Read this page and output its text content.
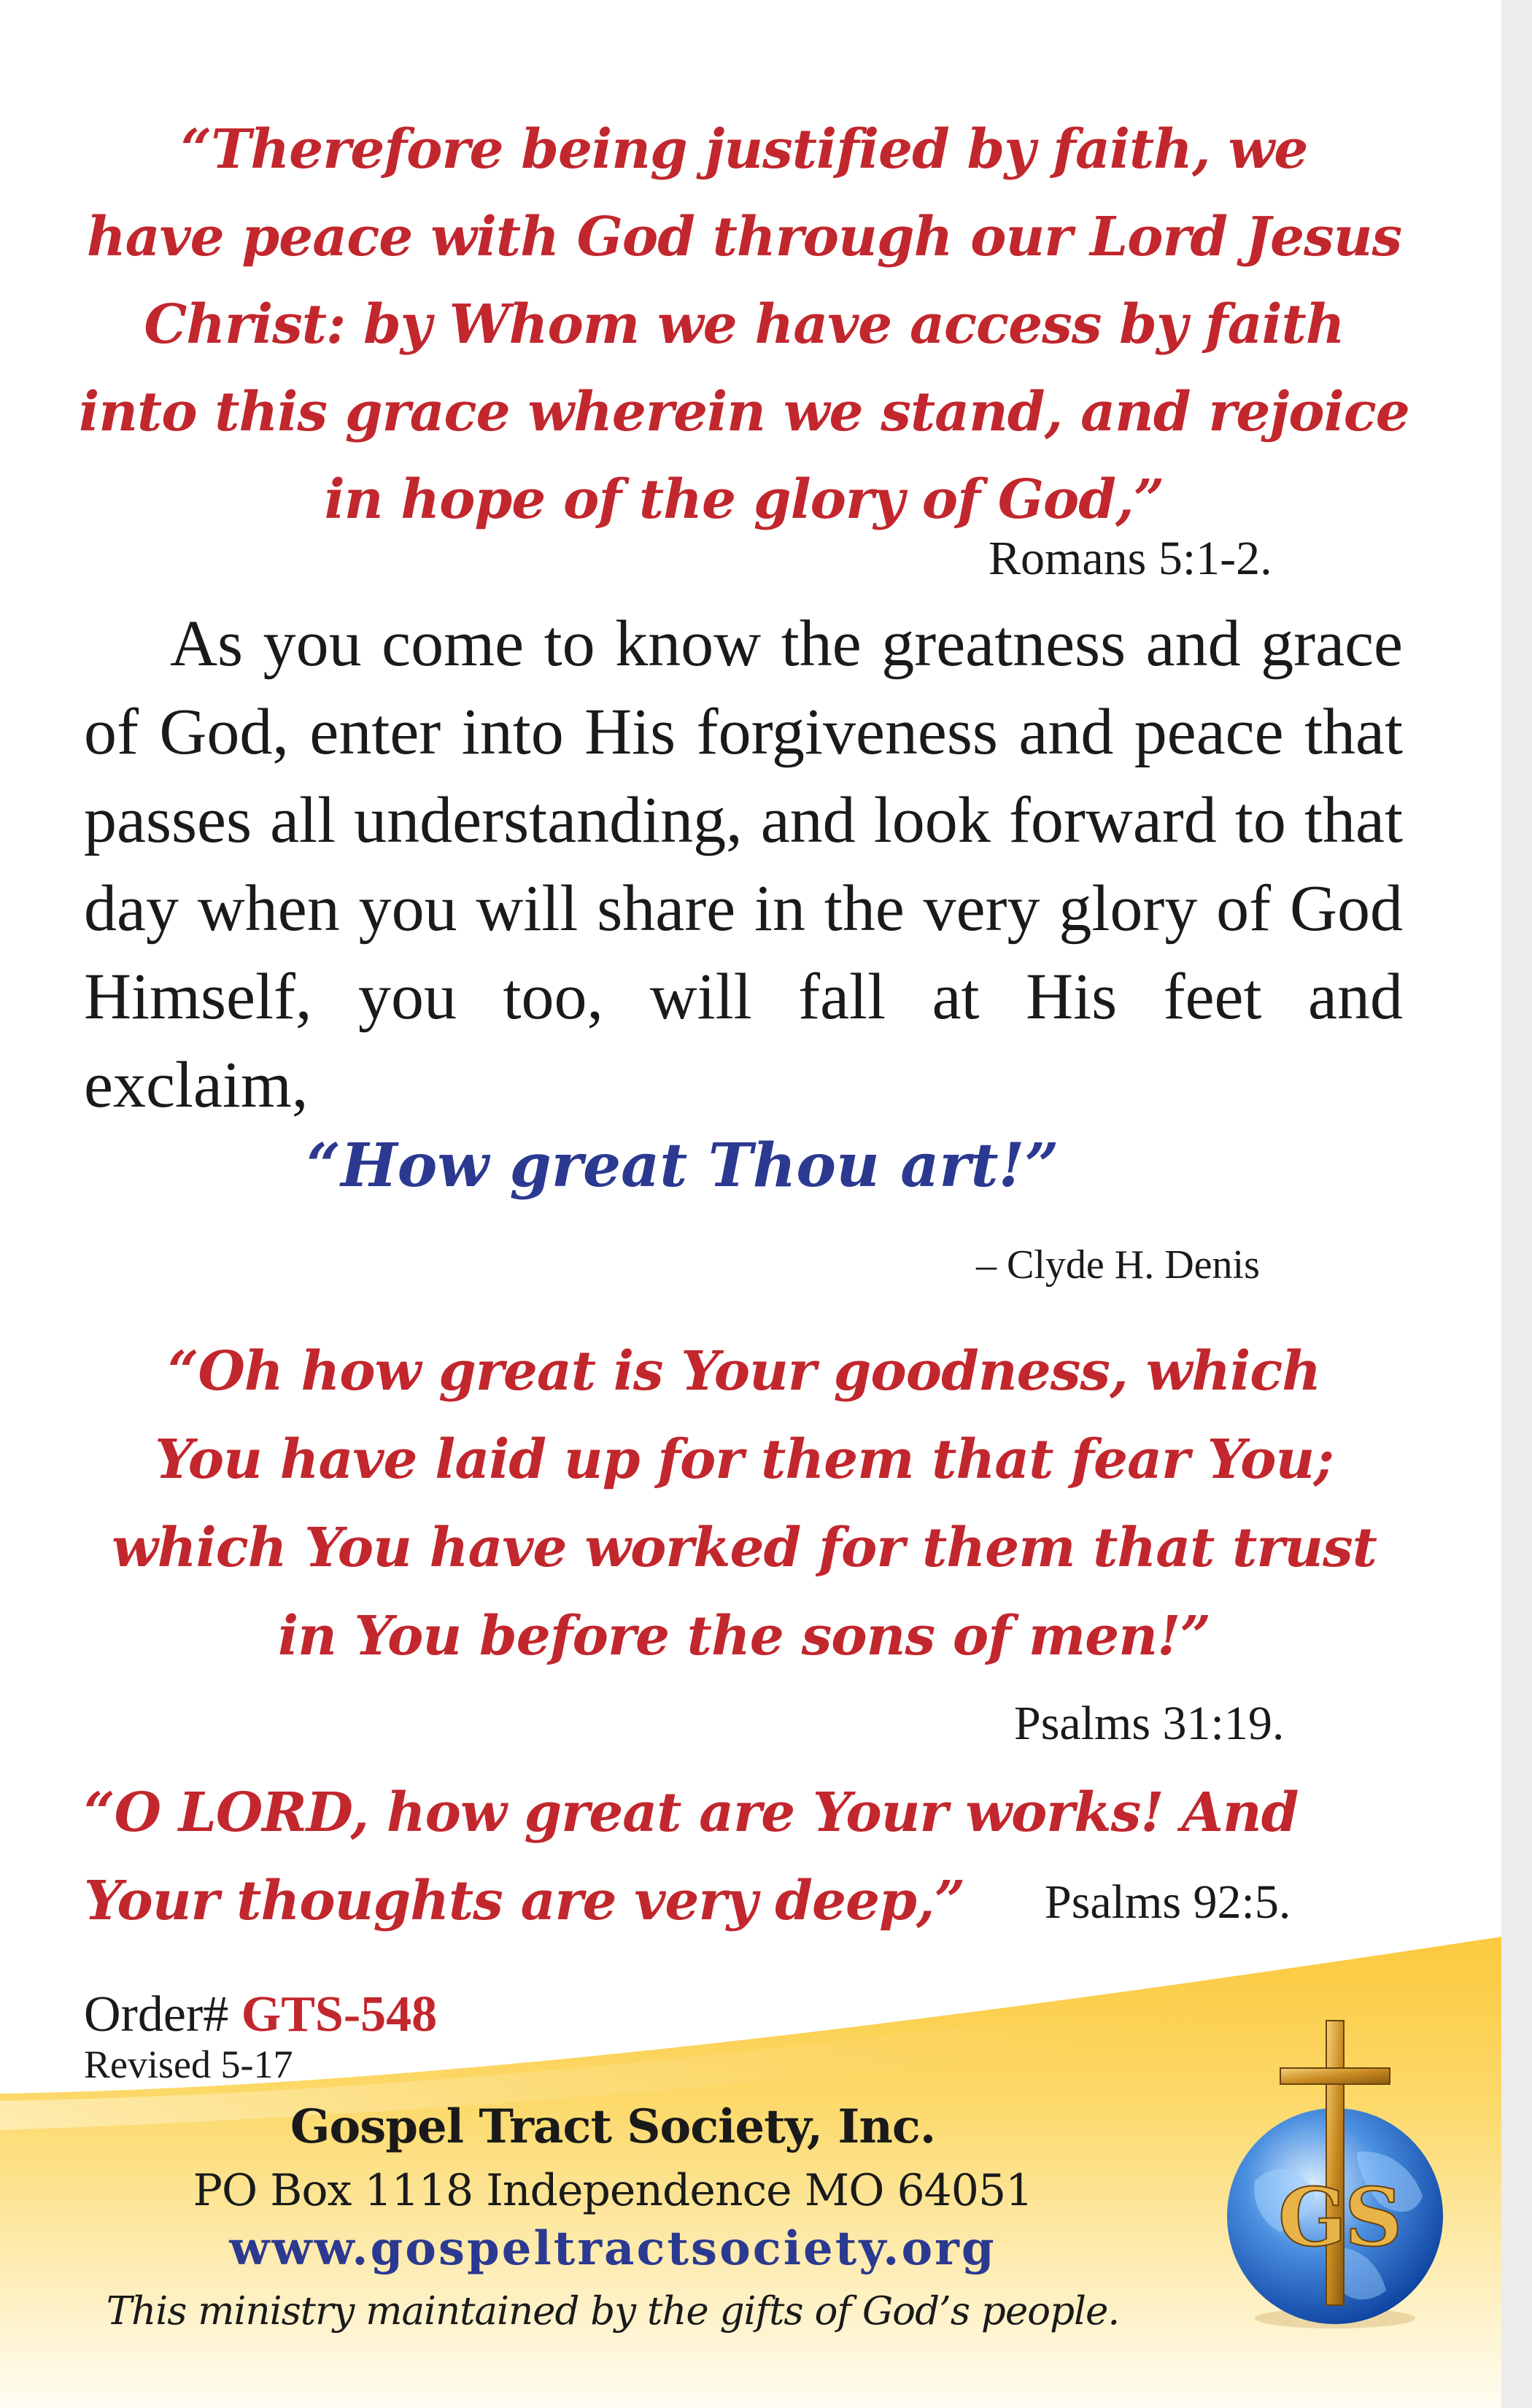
“Therefore being justified by faith, we
have peace with God through our Lord Jesus
Christ: by Whom we have access by faith
into this grace wherein we stand, and rejoice
in hope of the glory of God,”
Romans 5:1-2.
As you come to know the greatness and grace of God, enter into His forgiveness and peace that passes all understanding, and look forward to that day when you will share in the very glory of God Himself, you too, will fall at His feet and exclaim,
“How great Thou art!”
– Clyde H. Denis
“Oh how great is Your goodness, which
You have laid up for them that fear You;
which You have worked for them that trust
in You before the sons of men!”
Psalms 31:19.
“O LORD, how great are Your works! And
Your thoughts are very deep,”	Psalms 92:5.
Order# GTS-548
Revised 5-17
Gospel Tract Society, Inc.
PO Box 1118 Independence MO 64051
www.gospeltractsociety.org
This ministry maintained by the gifts of God’s people.
G
S
